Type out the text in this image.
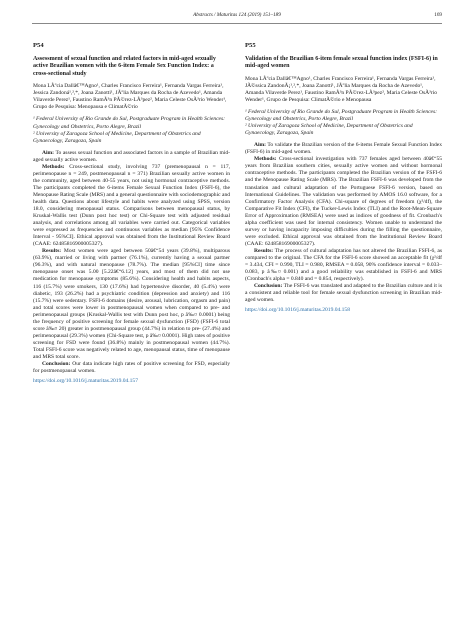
Abstracts / Maturitas 124 (2019) 151–189	169
P54
Assessment of sexual function and related factors in mid-aged sexually active Brazilian women with the 6-item Female Sex Function Index: a cross-sectional study
Mona LÃºcia Dallâ€™Agno¹, Charles Francisco Ferreira¹, Fernanda Vargas Ferreira¹, Jessica Zandoná¹,²,*, Joana Zanotti¹, JÃºlia Marques da Rocha de Azevedo¹, Amanda Vilaverde Perez¹, Faustino RamÃ³n PÃ©rez-LÃ³pez², Maria Celeste OsÃ³rio Wender¹, Grupo de Pesquisa: Menopausa e ClimatÃ©rio
¹ Federal University of Rio Grande do Sul, Postgraduate Program in Health Sciences: Gynecology and Obstetrics, Porto Alegre, Brazil
² University of Zaragoza School of Medicine, Department of Obstetrics and Gynaecology, Zaragoza, Spain

Aim: To assess sexual function and associated factors in a sample of Brazilian mid-aged sexually active women.

Methods: Cross-sectional study, involving 737 (premenopausal n = 117, perimenopause n = 249, postmenopausal n = 371) Brazilian sexually active women in the community, aged between 40-55 years, not using hormonal contraceptive methods. The participants completed the 6-items Female Sexual Function Index (FSFI-6), the Menopause Rating Scale (MRS) and a general questionnaire with sociodemographic and health data. Questions about lifestyle and habits were analyzed using SPSS, version 18.0, considering menopausal status. Comparisons between menopausal status, by Kruskal-Wallis test (Dunn post hoc test) or Chi-Square test with adjusted residual analysis, and correlations among all variables were carried out. Categorical variables were expressed as frequencies and continuous variables as median [95% Confidence Interval - 95%CI]. Ethical approval was obtained from the Institutional Review Board (CAAE: 62485816900005327).

Results: Most women were aged between 50â€“54 years (39.8%), multiparous (63.9%), married or living with partner (76.1%), currently having a sexual partner (96.3%), and with natural menopause (78.7%). The median [95%CI] time since menopause onset was 5.00 [5.22â€“6.12] years, and most of them did not use medication for menopause symptoms (85.6%). Considering health and habits aspects, 116 (15.7%) were smokers, 130 (17.6%) had hypertensive disorder, 40 (5.4%) were diabetic, 193 (26.2%) had a psychiatric condition (depression and anxiety) and 116 (15.7%) were sedentary. FSFI-6 domains (desire, arousal, lubrication, orgasm and pain) and total scores were lower in postmenopausal women when compared to pre- and perimenopausal groups (Kruskal-Wallis test with Dunn post hoc, p â‰¤ 0.0001) being the frequency of positive screening for female sexual dysfunction (FSD) (FSFI-6 total score â‰¤ 20) greater in postmenopausal group (44.7%) in relation to pre- (27.4%) and perimenopausal (29.3%) women (Chi-Square test, p â‰¤ 0.0001). High rates of positive screening for FSD were found (36.8%) mainly in postmenopausal women (44.7%). Total FSFI-6 score was negatively related to age, menopausal status, time of menopause and MRS total score.

Conclusion: Our data indicate high rates of positive screening for FSD, especially for postmenopausal women.

https://doi.org/10.1016/j.maturitas.2019.04.157
P55
Validation of the Brazilian 6-item female sexual function index (FSFI-6) in mid-aged women
Mona LÃºcia Dallâ€™Agno¹, Charles Francisco Ferreira¹, Fernanda Vargas Ferreira¹, JÃ©ssica ZandonÃ¡¹,²,*, Joana Zanotti¹, JÃºlia Marques da Rocha de Azevedo¹, Amanda Vilaverde Perez¹, Faustino RamÃ³n PÃ©rez-LÃ³pez², Maria Celeste OsÃ³rio Wender¹, Grupo de Pesquisa: ClimatÃ©rio e Menopausa
¹ Federal University of Rio Grande do Sul, Postgraduate Program in Health Sciences: Gynecology and Obstetrics, Porto Alegre, Brazil
² University of Zaragoza School of Medicine, Department of Obstetrics and Gynaecology, Zaragoza, Spain

Aim: To validate the Brazilian version of the 6-items Female Sexual Function Index (FSFI-6) in mid-aged women.

Methods: Cross-sectional investigation with 737 females aged between 40â€“55 years from Brazilian southern cities, sexually active women and without hormonal contraceptive methods. The participants completed the Brazilian version of the FSFI-6 and the Menopause Rating Scale (MRS). The Brazilian FSFI-6 was developed from the translation and cultural adaptation of the Portuguese FSFI-6 version, based on International Guidelines. The validation was performed by AMOS 16.0 software, for a Confirmatory Factor Analysis (CFA). Chi-square of degrees of freedom (χ²/df), the Comparative Fit Index (CFI), the Tucker-Lewis Index (TLI) and the Root-Mean-Square Error of Approximation (RMSEA) were used as indices of goodness of fit. Cronbach's alpha coefficient was used for internal consistency. Women unable to understand the survey or having incapacity imposing difficulties during the filling the questionnaire, were excluded. Ethical approval was obtained from the Institutional Review Board (CAAE: 62485816900005327).

Results: The process of cultural adaptation has not altered the Brazilian FSFI-6, as compared to the original. The CFA for the FSFI-6 score showed an acceptable fit (χ²/df = 3.434, CFI = 0.990, TLI = 0.980, RMSEA = 0.058, 90% confidence interval = 0.033–0.083, p â‰¤ 0.001) and a good reliability was established in FSFI-6 and MRS (Cronbach's alpha = 0.840 and = 0.854, respectively).

Conclusion: The FSFI-6 was translated and adapted to the Brazilian culture and it is a consistent and reliable tool for female sexual dysfunction screening in Brazilian mid-aged women.

https://doi.org/10.1016/j.maturitas.2019.04.158
